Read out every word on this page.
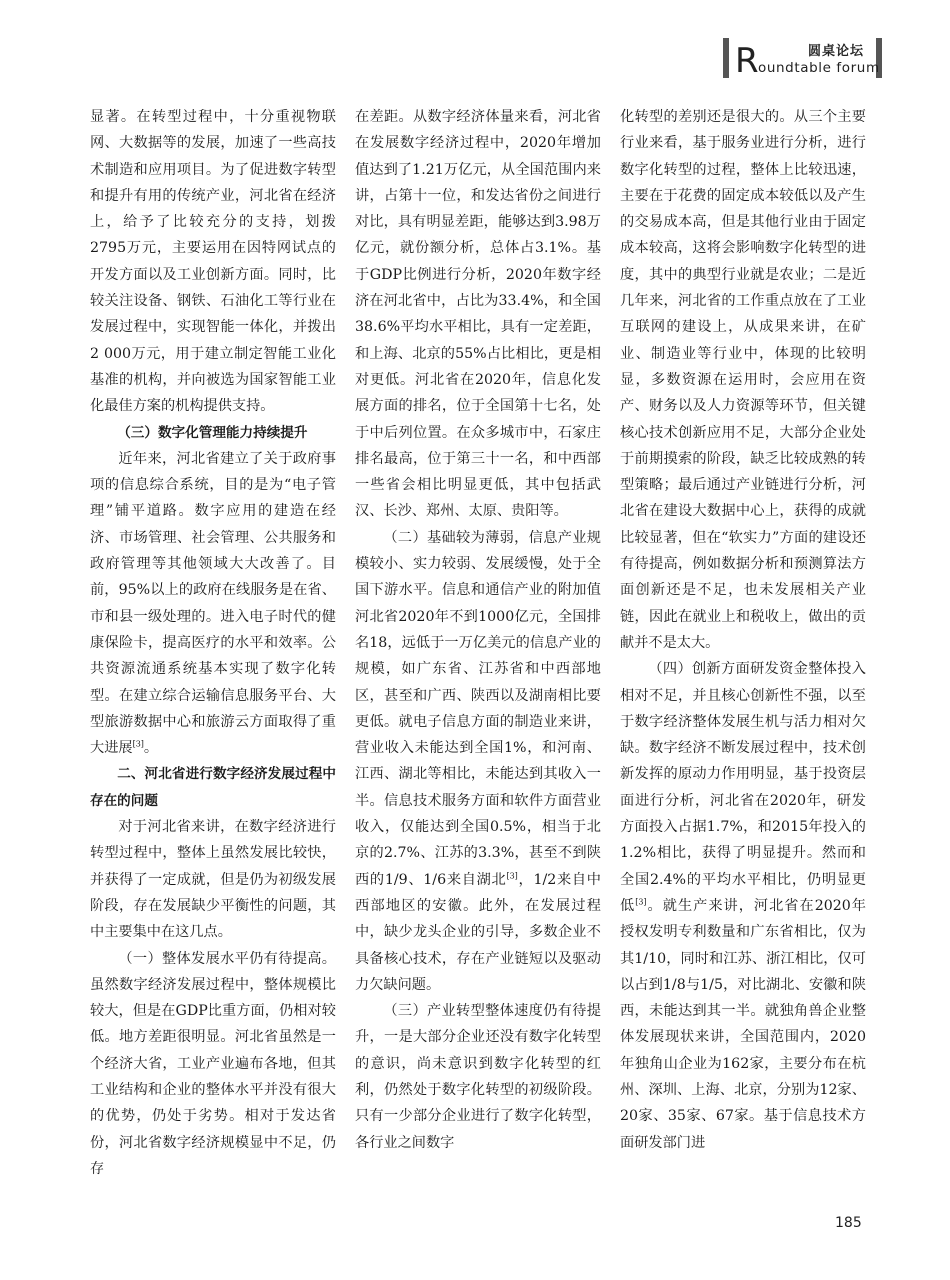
圆桌论坛
R oundtable forum

显著。在转型过程中，十分重视物联网、大数据等的发展，加速了一些高技术制造和应用项目。为了促进数字转型和提升有用的传统产业，河北省在经济上，给予了比较充分的支持，划拨2795万元，主要运用在因特网试点的开发方面以及工业创新方面。同时，比较关注设备、钢铁、石油化工等行业在发展过程中，实现智能一体化，并拨出2 000万元，用于建立制定智能工业化基准的机构，并向被选为国家智能工业化最佳方案的机构提供支持。

（三）数字化管理能力持续提升

近年来，河北省建立了关于政府事项的信息综合系统，目的是为“电子管理”铺平道路。数字应用的建造在经济、市场管理、社会管理、公共服务和政府管理等其他领域大大改善了。目前，95%以上的政府在线服务是在省、市和县一级处理的。进入电子时代的健康保险卡，提高医疗的水平和效率。公共资源流通系统基本实现了数字化转型。在建立综合运输信息服务平台、大型旅游数据中心和旅游云方面取得了重大进展[3]。

二、河北省进行数字经济发展过程中存在的问题

对于河北省来讲，在数字经济进行转型过程中，整体上虽然发展比较快，并获得了一定成就，但是仍为初级发展阶段，存在发展缺少平衡性的问题，其中主要集中在这几点。

（一）整体发展水平仍有待提高。虽然数字经济发展过程中，整体规模比较大，但是在GDP比重方面，仍相对较低。地方差距很明显。河北省虽然是一个经济大省，工业产业遍布各地，但其工业结构和企业的整体水平并没有很大的优势，仍处于劣势。相对于发达省份，河北省数字经济规模显中不足，仍存

在差距。从数字经济体量来看，河北省在发展数字经济过程中，2020年增加值达到了1.21万亿元，从全国范围内来讲，占第十一位，和发达省份之间进行对比，具有明显差距，能够达到3.98万亿元，就份额分析，总体占3.1%。基于GDP比例进行分析，2020年数字经济在河北省中，占比为33.4%，和全国38.6%平均水平相比，具有一定差距，和上海、北京的55%占比相比，更是相对更低。河北省在2020年，信息化发展方面的排名，位于全国第十七名，处于中后列位置。在众多城市中，石家庄排名最高，位于第三十一名，和中西部一些省会相比明显更低，其中包括武汉、长沙、郑州、太原、贵阳等。

（二）基础较为薄弱，信息产业规模较小、实力较弱、发展缓慢，处于全国下游水平。信息和通信产业的附加值河北省2020年不到1000亿元，全国排名18，远低于一万亿美元的信息产业的规模，如广东省、江苏省和中西部地区，甚至和广西、陕西以及湖南相比要更低。就电子信息方面的制造业来讲，营业收入未能达到全国1%，和河南、江西、湖北等相比，未能达到其收入一半。信息技术服务方面和软件方面营业收入，仅能达到全国0.5%，相当于北京的2.7%、江苏的3.3%，甚至不到陕西的1/9、1/6来自湖北[3]，1/2来自中西部地区的安徽。此外，在发展过程中，缺少龙头企业的引导，多数企业不具备核心技术，存在产业链短以及驱动力欠缺问题。

（三）产业转型整体速度仍有待提升，一是大部分企业还没有数字化转型的意识，尚未意识到数字化转型的红利，仍然处于数字化转型的初级阶段。只有一少部分企业进行了数字化转型，各行业之间数字

化转型的差别还是很大的。从三个主要行业来看，基于服务业进行分析，进行数字化转型的过程，整体上比较迅速，主要在于花费的固定成本较低以及产生的交易成本高，但是其他行业由于固定成本较高，这将会影响数字化转型的进度，其中的典型行业就是农业；二是近几年来，河北省的工作重点放在了工业互联网的建设上，从成果来讲，在矿业、制造业等行业中，体现的比较明显，多数资源在运用时，会应用在资产、财务以及人力资源等环节，但关键核心技术创新应用不足，大部分企业处于前期摸索的阶段，缺乏比较成熟的转型策略；最后通过产业链进行分析，河北省在建设大数据中心上，获得的成就比较显著，但在“软实力”方面的建设还有待提高，例如数据分析和预测算法方面创新还是不足，也未发展相关产业链，因此在就业上和税收上，做出的贡献并不是太大。

（四）创新方面研发资金整体投入相对不足，并且核心创新性不强，以至于数字经济整体发展生机与活力相对欠缺。数字经济不断发展过程中，技术创新发挥的原动力作用明显，基于投资层面进行分析，河北省在2020年，研发方面投入占据1.7%，和2015年投入的1.2%相比，获得了明显提升。然而和全国2.4%的平均水平相比，仍明显更低[3]。就生产来讲，河北省在2020年授权发明专利数量和广东省相比，仅为其1/10，同时和江苏、浙江相比，仅可以占到1/8与1/5，对比湖北、安徽和陕西，未能达到其一半。就独角兽企业整体发展现状来讲，全国范围内，2020年独角山企业为162家，主要分布在杭州、深圳、上海、北京，分别为12家、20家、35家、67家。基于信息技术方面研发部门进

185
